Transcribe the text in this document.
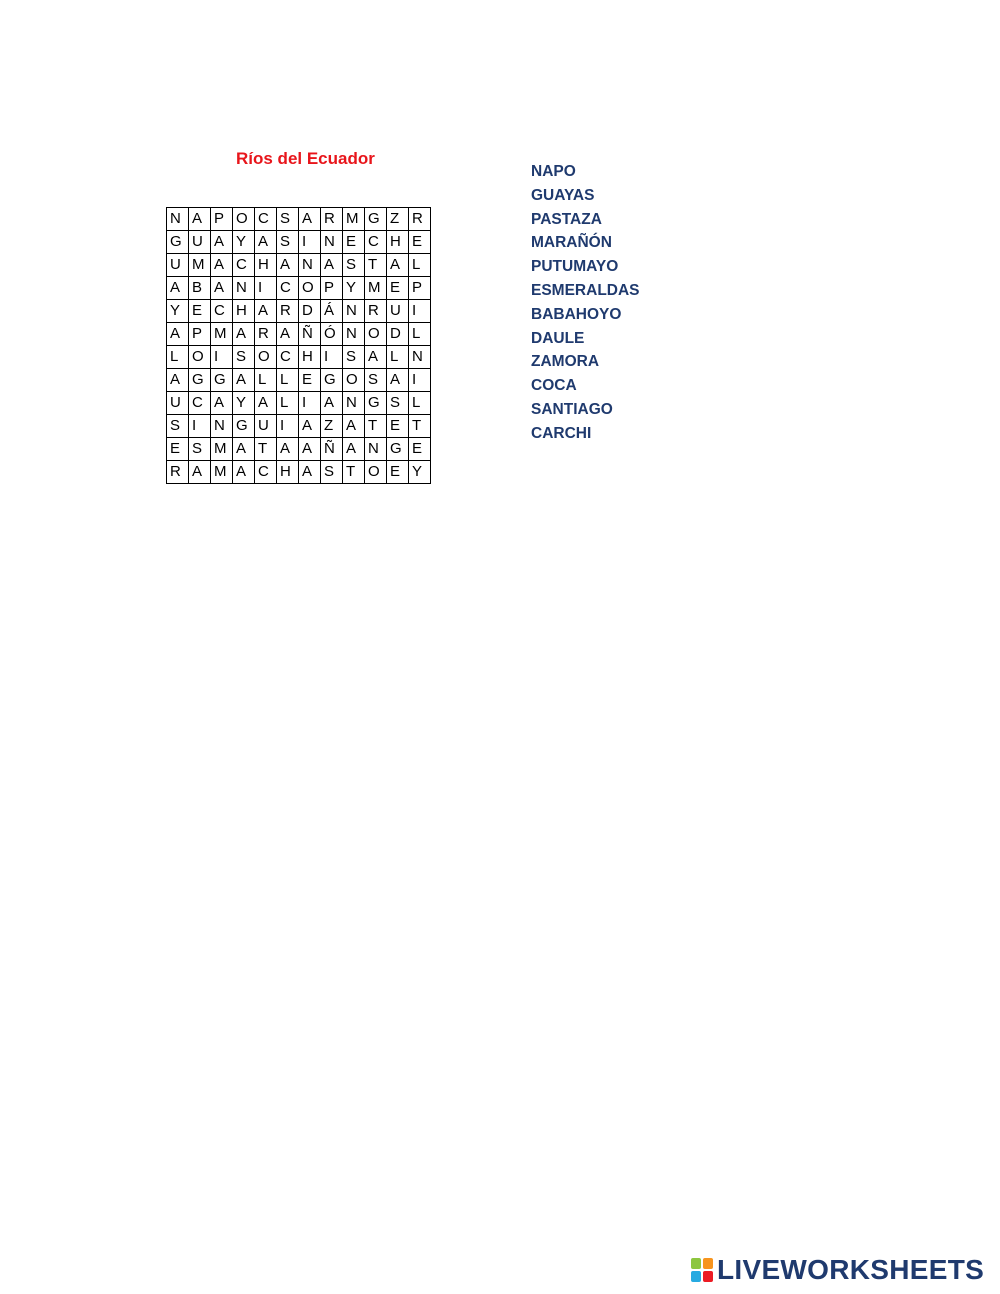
Ríos del Ecuador
N	A	P	O	C	S	A	R	M	G	Z	R
G	U	A	Y	A	S	I	N	E	C	H	E
U	M	A	C	H	A	N	A	S	T	A	L
A	B	A	N	I	C	O	P	Y	M	E	P
Y	E	C	H	A	R	D	Á	N	R	U	I
A	P	M	A	R	A	Ñ	Ó	N	O	D	L
L	O	I	S	O	C	H	I	S	A	L	N
A	G	G	A	L	L	E	G	O	S	A	I
U	C	A	Y	A	L	I	A	N	G	S	L
S	I	N	G	U	I	A	Z	A	T	E	T
E	S	M	A	T	A	A	Ñ	A	N	G	E
R	A	M	A	C	H	A	S	T	O	E	Y
NAPO
GUAYAS
PASTAZA
MARAÑÓN
PUTUMAYO
ESMERALDAS
BABAHOYO
DAULE
ZAMORA
COCA
SANTIAGO
CARCHI
LIVEWORKSHEETS
